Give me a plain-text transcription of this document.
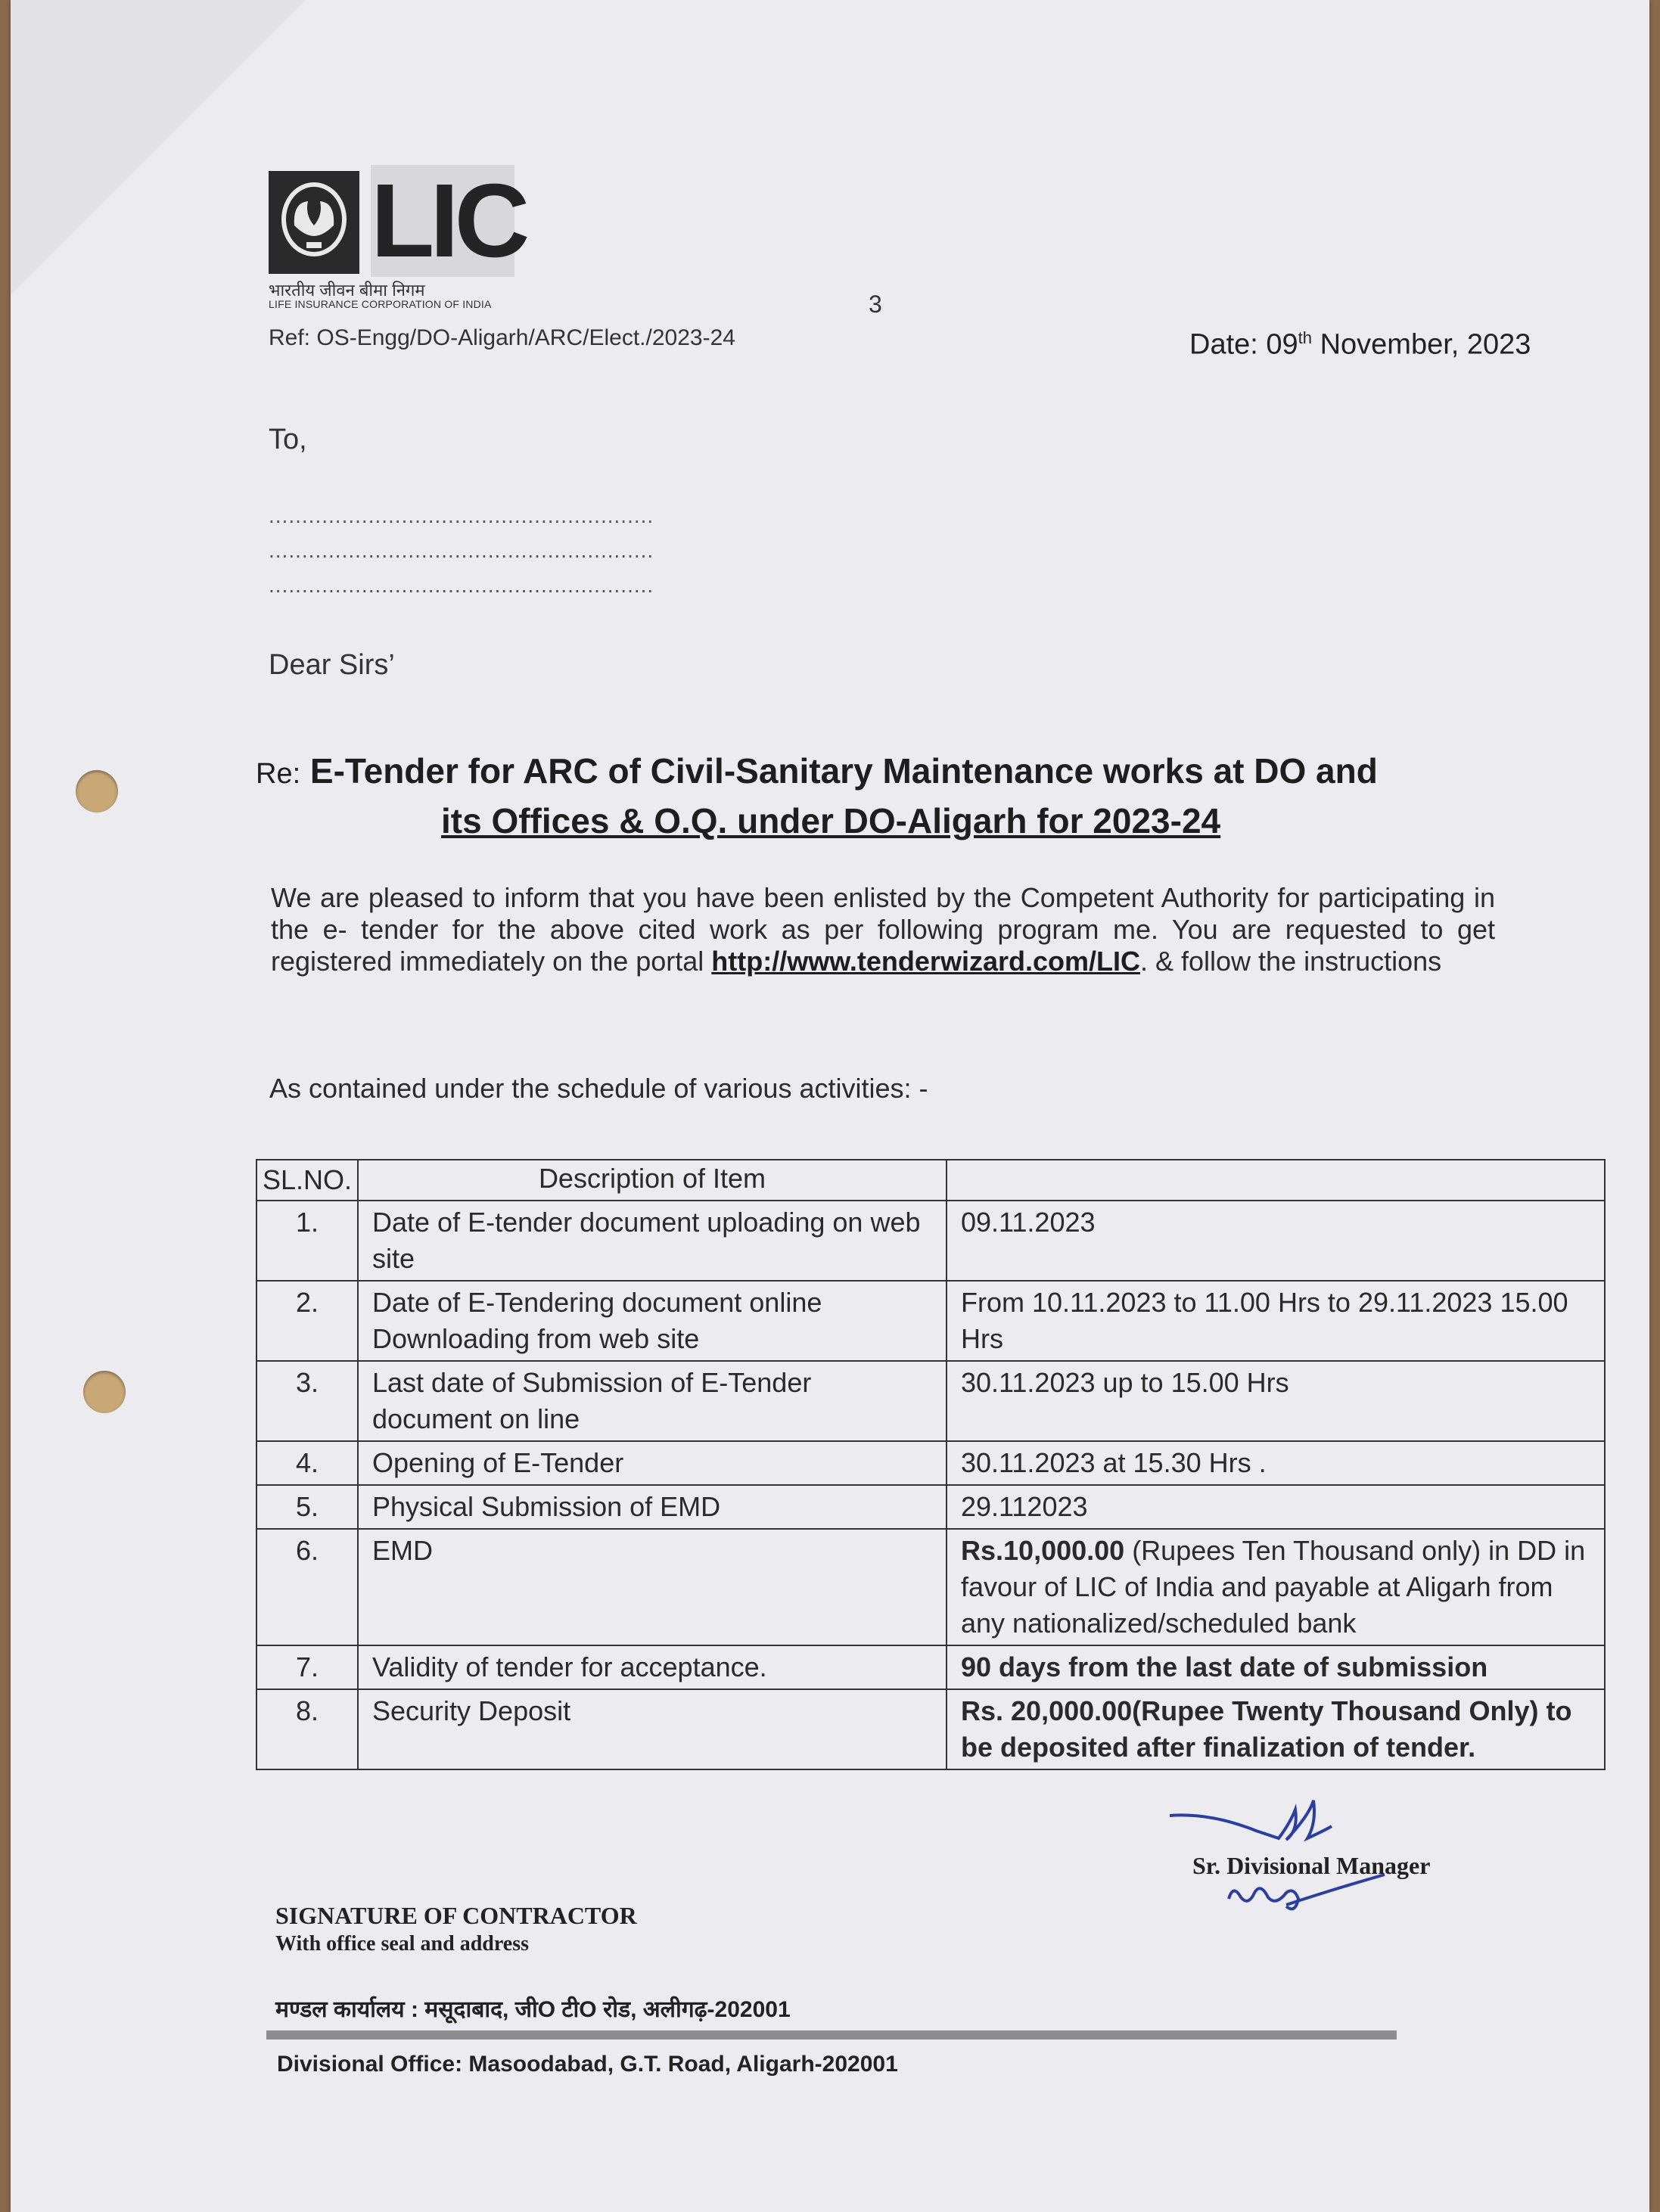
LIC
भारतीय जीवन बीमा निगम
LIFE INSURANCE CORPORATION OF INDIA	3
Ref: OS-Engg/DO-Aligarh/ARC/Elect./2023-24	Date: 09th November, 2023
To,
..........................................................
..........................................................
..........................................................
Dear Sirs’
Re: E-Tender for ARC of Civil-Sanitary Maintenance works at DO and
its Offices & O.Q. under DO-Aligarh for 2023-24
We are pleased to inform that you have been enlisted by the Competent Authority for participating in the e- tender for the above cited work as per following program me. You are requested to get registered immediately on the portal http://www.tenderwizard.com/LIC. & follow the instructions
As contained under the schedule of various activities: -
SL.NO.	Description of Item	
1.	Date of E-tender document uploading on web site	09.11.2023
2.	Date of E-Tendering document online Downloading from web site	From 10.11.2023 to 11.00 Hrs to 29.11.2023 15.00 Hrs
3.	Last date of Submission of E-Tender document on line	30.11.2023 up to 15.00 Hrs
4.	Opening of E-Tender	30.11.2023 at 15.30 Hrs .
5.	Physical Submission of EMD	29.112023
6.	EMD	Rs.10,000.00 (Rupees Ten Thousand only) in DD in favour of LIC of India and payable at Aligarh from any nationalized/scheduled bank
7.	Validity of tender for acceptance.	90 days from the last date of submission
8.	Security Deposit	Rs. 20,000.00(Rupee Twenty Thousand Only) to be deposited after finalization of tender.
Sr. Divisional Manager
SIGNATURE OF CONTRACTOR
With office seal and address
मण्डल कार्यालय : मसूदाबाद, जीO टीO रोड, अलीगढ़-202001
Divisional Office: Masoodabad, G.T. Road, Aligarh-202001
